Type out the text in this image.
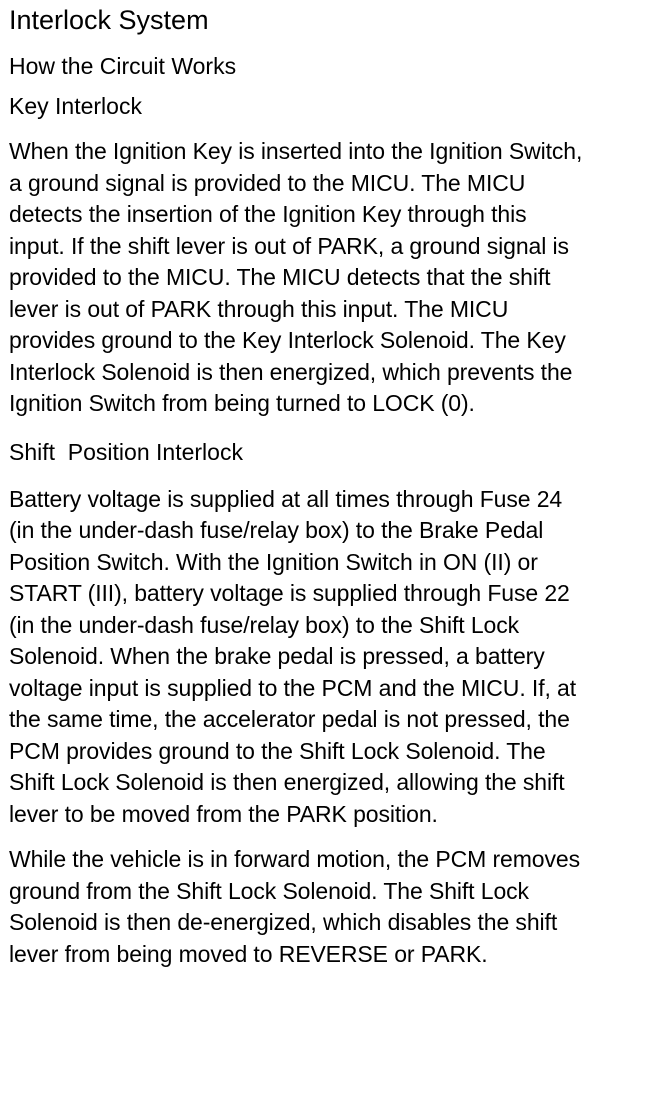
Interlock System
How the Circuit Works
Key Interlock

When the Ignition Key is inserted into the Ignition Switch,
a ground signal is provided to the MICU. The MICU
detects the insertion of the Ignition Key through this
input. If the shift lever is out of PARK, a ground signal is
provided to the MICU. The MICU detects that the shift
lever is out of PARK through this input. The MICU
provides ground to the Key Interlock Solenoid. The Key
Interlock Solenoid is then energized, which prevents the
Ignition Switch from being turned to LOCK (0).

Shift  Position Interlock

Battery voltage is supplied at all times through Fuse 24
(in the under-dash fuse/relay box) to the Brake Pedal
Position Switch. With the Ignition Switch in ON (II) or
START (III), battery voltage is supplied through Fuse 22
(in the under-dash fuse/relay box) to the Shift Lock
Solenoid. When the brake pedal is pressed, a battery
voltage input is supplied to the PCM and the MICU. If, at
the same time, the accelerator pedal is not pressed, the
PCM provides ground to the Shift Lock Solenoid. The
Shift Lock Solenoid is then energized, allowing the shift
lever to be moved from the PARK position.

While the vehicle is in forward motion, the PCM removes
ground from the Shift Lock Solenoid. The Shift Lock
Solenoid is then de-energized, which disables the shift
lever from being moved to REVERSE or PARK.
